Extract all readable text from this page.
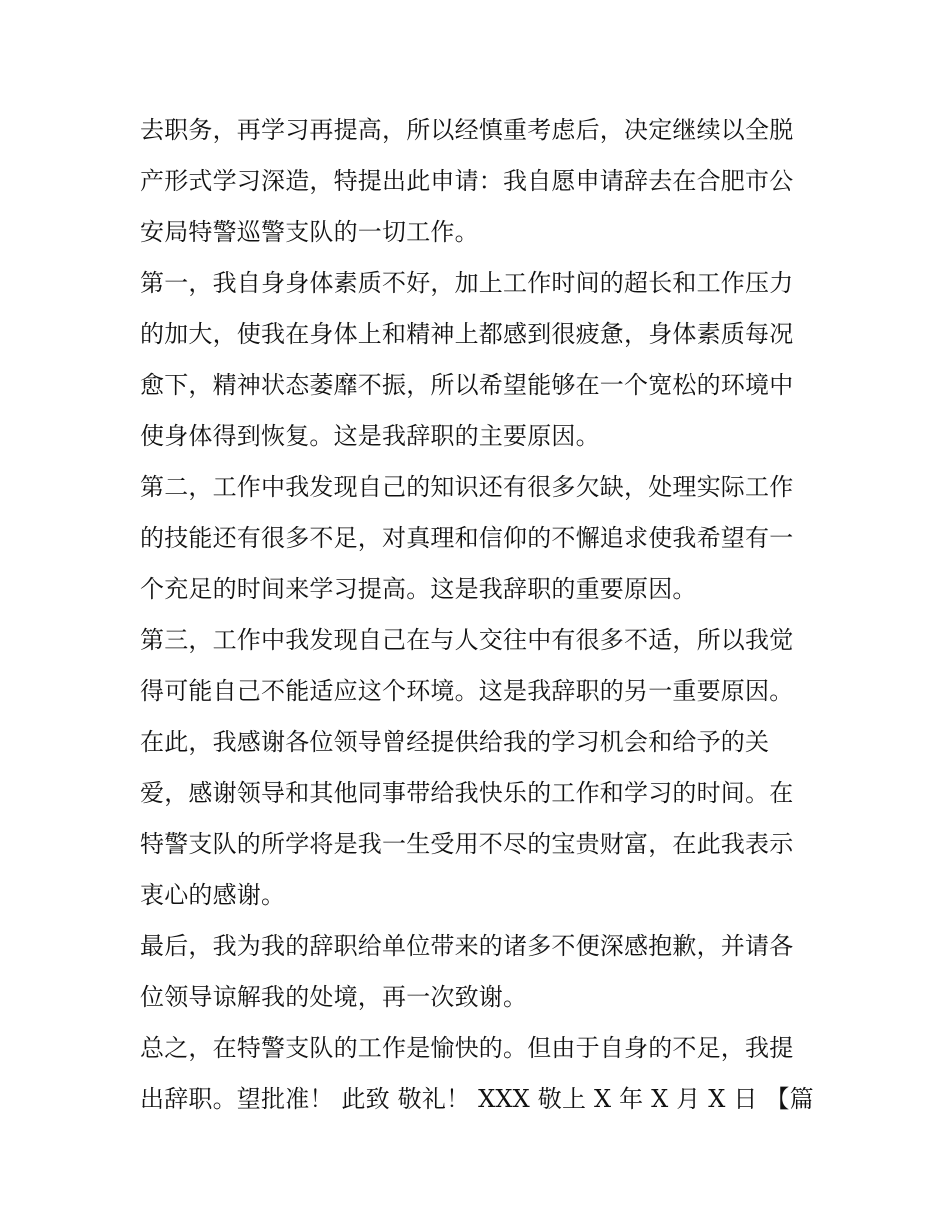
去职务，再学习再提高，所以经慎重考虑后，决定继续以全脱
产形式学习深造，特提出此申请：我自愿申请辞去在合肥市公
安局特警巡警支队的一切工作。
第一，我自身身体素质不好，加上工作时间的超长和工作压力
的加大，使我在身体上和精神上都感到很疲惫，身体素质每况
愈下，精神状态萎靡不振，所以希望能够在一个宽松的环境中
使身体得到恢复。这是我辞职的主要原因。
第二，工作中我发现自己的知识还有很多欠缺，处理实际工作
的技能还有很多不足，对真理和信仰的不懈追求使我希望有一
个充足的时间来学习提高。这是我辞职的重要原因。
第三，工作中我发现自己在与人交往中有很多不适，所以我觉
得可能自己不能适应这个环境。这是我辞职的另一重要原因。
在此，我感谢各位领导曾经提供给我的学习机会和给予的关
爱，感谢领导和其他同事带给我快乐的工作和学习的时间。在
特警支队的所学将是我一生受用不尽的宝贵财富，在此我表示
衷心的感谢。
最后，我为我的辞职给单位带来的诸多不便深感抱歉，并请各
位领导谅解我的处境，再一次致谢。
总之，在特警支队的工作是愉快的。但由于自身的不足，我提
出辞职。望批准！ 此致 敬礼！ XXX 敬上 X 年 X 月 X 日 【篇
